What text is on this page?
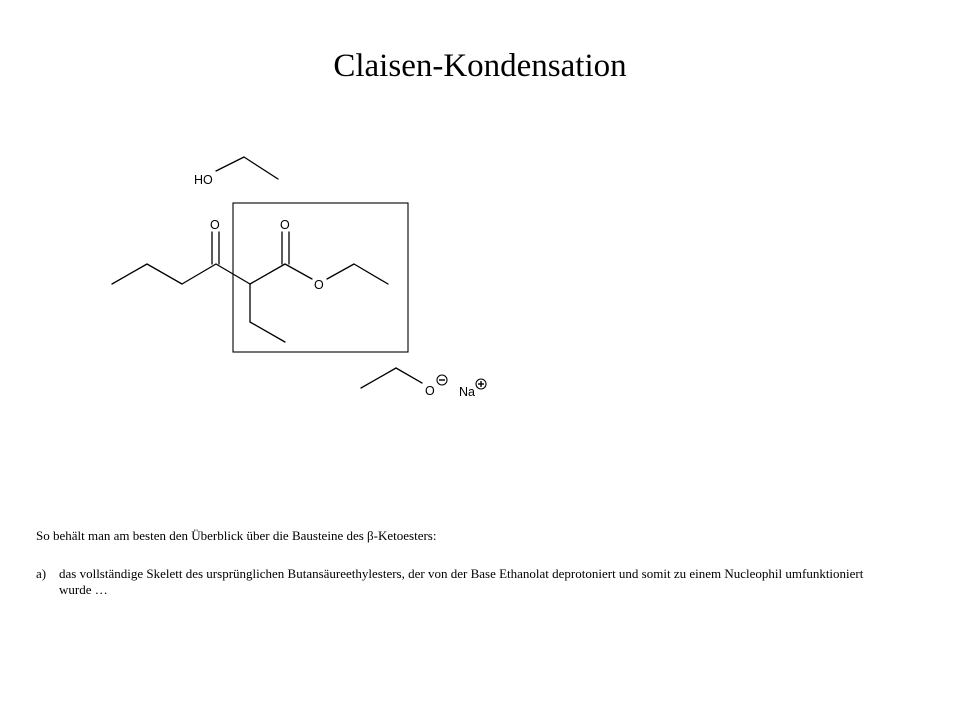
Claisen-Kondensation
HO
O	O
O
O Na
So behält man am besten den Überblick über die Bausteine des β-Ketoesters:
a) das vollständige Skelett des ursprünglichen Butansäureethylesters, der von der Base Ethanolat deprotoniert und somit zu einem Nucleophil umfunktioniert wurde …
